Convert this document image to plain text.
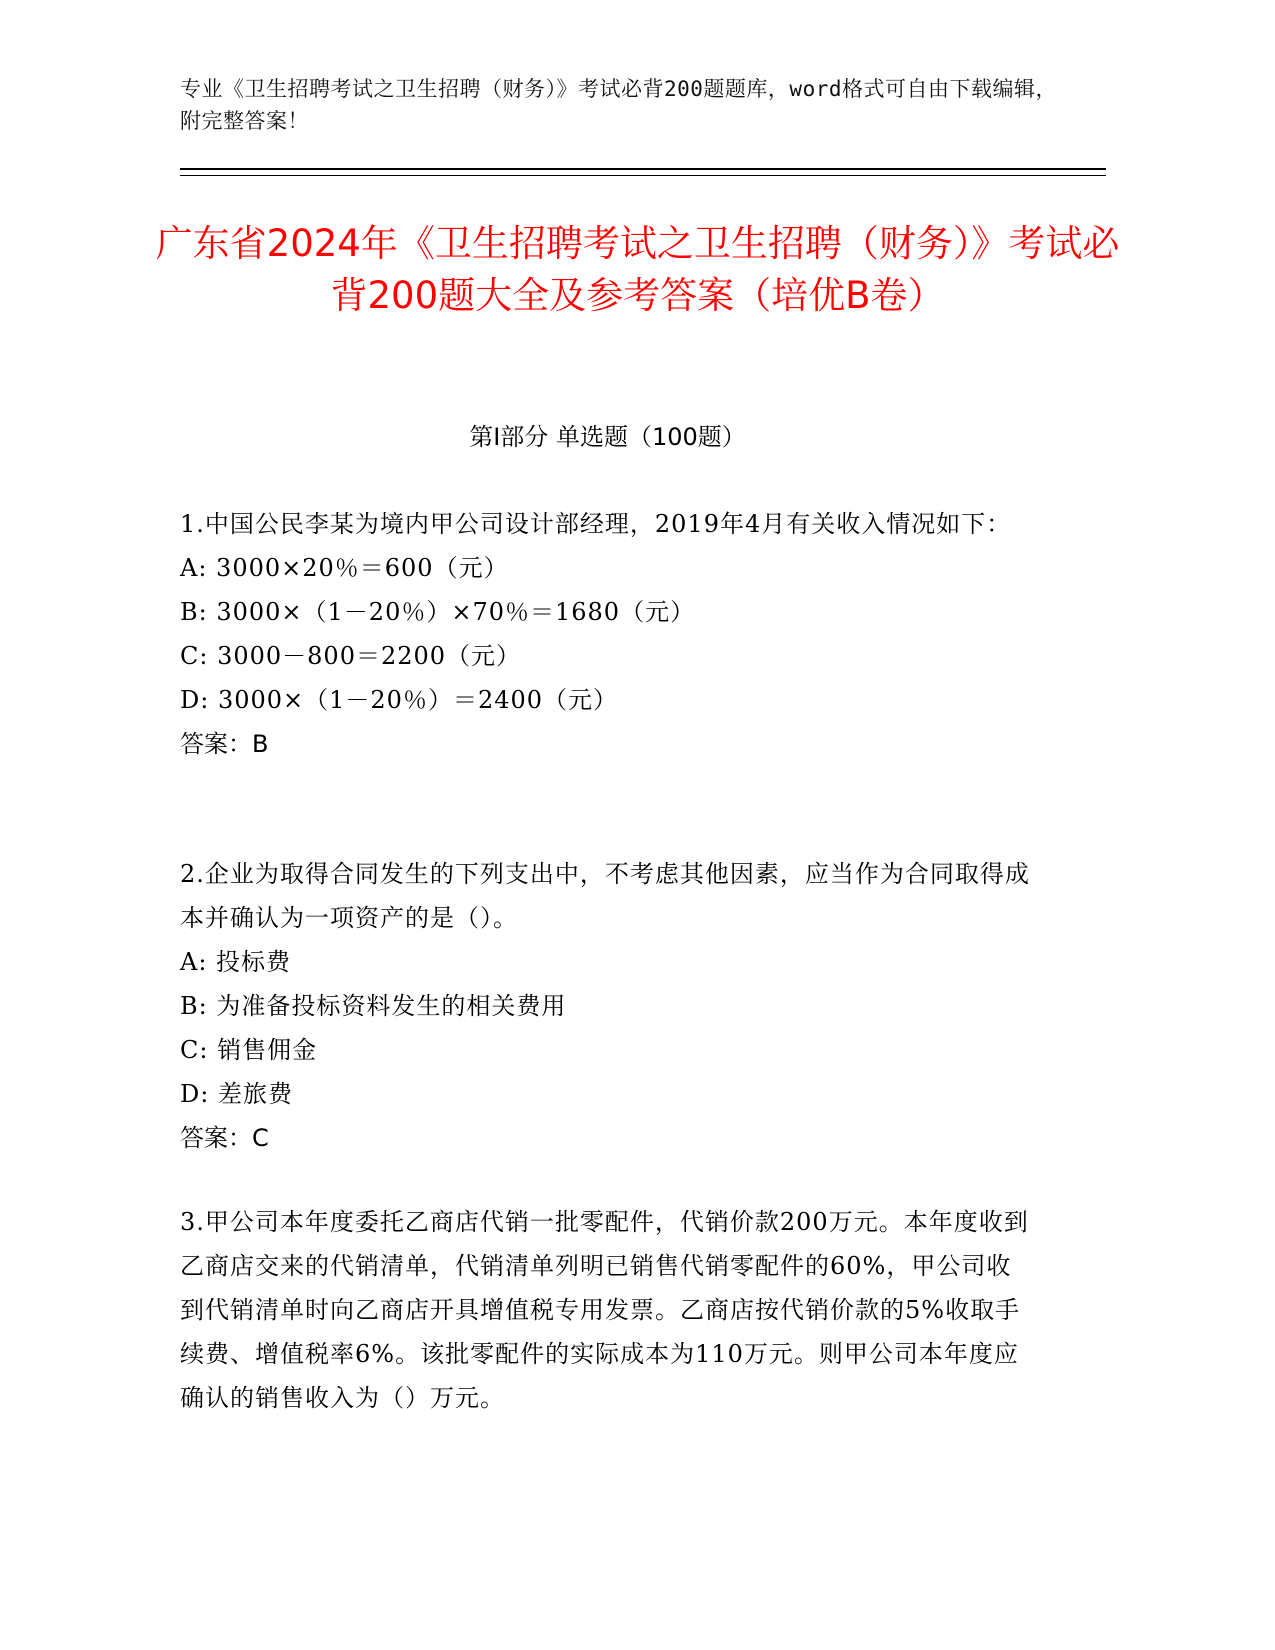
专业《卫生招聘考试之卫生招聘（财务）》考试必背200题题库，word格式可自由下载编辑，附完整答案！
广东省2024年《卫生招聘考试之卫生招聘（财务）》考试必背200题大全及参考答案（培优B卷）
第Ⅰ部分 单选题（100题）

1.中国公民李某为境内甲公司设计部经理，2019年4月有关收入情况如下：

A: 3000×20％＝600（元）

B: 3000×（1－20％）×70％＝1680（元）

C: 3000－800＝2200（元）

D: 3000×（1－20％）＝2400（元）

答案：B

2.企业为取得合同发生的下列支出中，不考虑其他因素，应当作为合同取得成本并确认为一项资产的是（）。

A: 投标费

B: 为准备投标资料发生的相关费用

C: 销售佣金

D: 差旅费

答案：C

3.甲公司本年度委托乙商店代销一批零配件，代销价款200万元。本年度收到乙商店交来的代销清单，代销清单列明已销售代销零配件的60%，甲公司收到代销清单时向乙商店开具增值税专用发票。乙商店按代销价款的5%收取手续费、增值税率6%。该批零配件的实际成本为110万元。则甲公司本年度应确认的销售收入为（）万元。
